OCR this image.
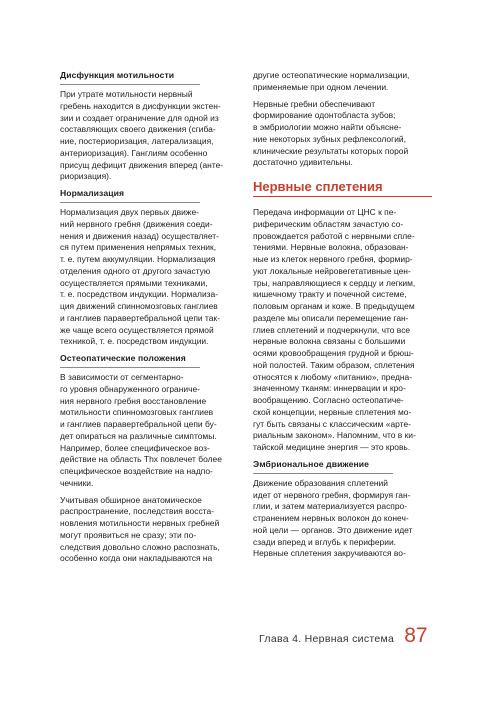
Дисфункция мотильности

При утрате мотильности нервный
гребень находится в дисфункции экстен-
зии и создает ограничение для одной из
составляющих своего движения (сгиба-
ние, постериоризация, латерализация,
антериоризация). Ганглиям особенно
присущ дефицит движения вперед (анте-
риоризация).

Нормализация

Нормализация двух первых движе-
ний нервного гребня (движения соеди-
нения и движения назад) осуществляет-
ся путем применения непрямых техник,
т. е. путем аккумуляции. Нормализация
отделения одного от другого зачастую
осуществляется прямыми техниками,
т. е. посредством индукции. Нормализа-
ция движений спинномозговых ганглиев
и ганглиев паравертебральной цепи так-
же чаще всего осуществляется прямой
техникой, т. е. посредством индукции.

Остеопатические положения

В зависимости от сегментарно-
го уровня обнаруженного ограниче-
ния нервного гребня восстановление
мотильности спинномозговых ганглиев
и ганглиев паравертебральной цепи бу-
дет опираться на различные симптомы.
Например, более специфическое воз-
действие на область Thx повлечет более
специфическое воздействие на надпо-
чечники.

Учитывая обширное анатомическое
распространение, последствия восста-
новления мотильности нервных гребней
могут проявиться не сразу; эти по-
следствия довольно сложно распознать,
особенно когда они накладываются на

другие остеопатические нормализации,
применяемые при одном лечении.

Нервные гребни обеспечивают
формирование одонтобласта зубов;
в эмбриологии можно найти объясне-
ние некоторых зубных рефлексологий,
клинические результаты которых порой
достаточно удивительны.

Нервные сплетения

Передача информации от ЦНС к пе-
риферическим областям зачастую со-
провождается работой с нервными спле-
тениями. Нервные волокна, образован-
ные из клеток нервного гребня, формир-
уют локальные нейровегетативные цен-
тры, направляющиеся к сердцу и легким,
кишечному тракту и почечной системе,
половым органам и коже. В предыдущем
разделе мы описали перемещение ган-
глиев сплетений и подчеркнули, что все
нервные волокна связаны с большими
осями кровообращения грудной и брюш-
ной полостей. Таким образом, сплетения
относятся к любому «питанию», предна-
значенному тканям: иннервации и кро-
вообращению. Согласно остеопатиче-
ской концепции, нервные сплетения мо-
гут быть связаны с классическим «арте-
риальным законом». Напомним, что в ки-
тайской медицине энергия — это кровь.

Эмбриональное движение

Движение образования сплетений
идет от нервного гребня, формируя ган-
глии, и затем материализуется распро-
странением нервных волокон до конеч-
ной цели — органов. Это движение идет
сзади вперед и вглубь к периферии.
Нервные сплетения закручиваются во-

Глава 4. Нервная система 87
